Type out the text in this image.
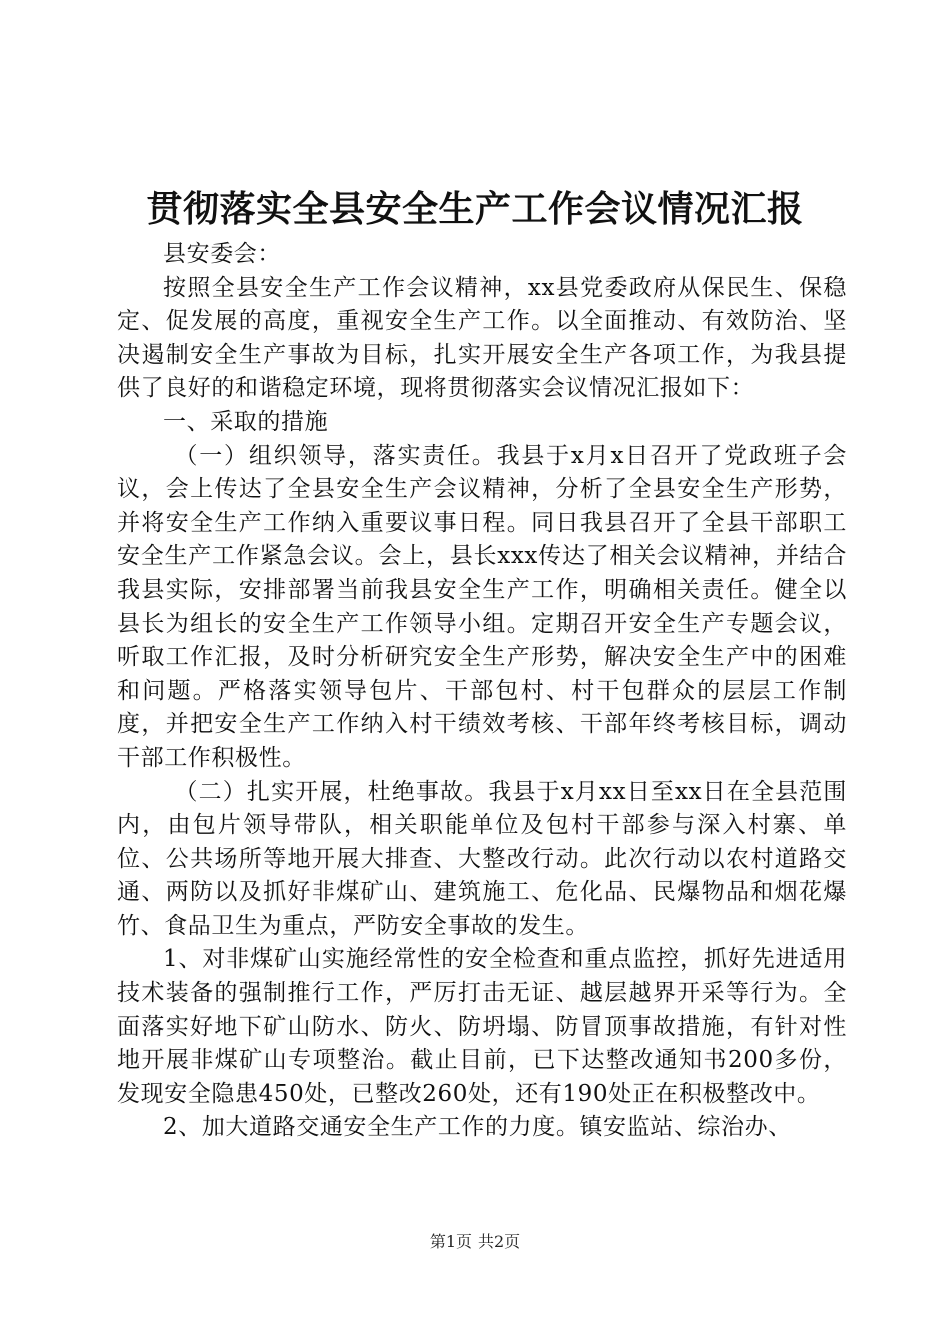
贯彻落实全县安全生产工作会议情况汇报

县安委会：

按照全县安全生产工作会议精神，xx县党委政府从保民生、保稳定、促发展的高度，重视安全生产工作。以全面推动、有效防治、坚决遏制安全生产事故为目标，扎实开展安全生产各项工作，为我县提供了良好的和谐稳定环境，现将贯彻落实会议情况汇报如下：

一、采取的措施

（一）组织领导，落实责任。我县于x月x日召开了党政班子会议，会上传达了全县安全生产会议精神，分析了全县安全生产形势，并将安全生产工作纳入重要议事日程。同日我县召开了全县干部职工安全生产工作紧急会议。会上，县长xxx传达了相关会议精神，并结合我县实际，安排部署当前我县安全生产工作，明确相关责任。健全以县长为组长的安全生产工作领导小组。定期召开安全生产专题会议，听取工作汇报，及时分析研究安全生产形势，解决安全生产中的困难和问题。严格落实领导包片、干部包村、村干包群众的层层工作制度，并把安全生产工作纳入村干绩效考核、干部年终考核目标，调动干部工作积极性。

（二）扎实开展，杜绝事故。我县于x月xx日至xx日在全县范围内，由包片领导带队，相关职能单位及包村干部参与深入村寨、单位、公共场所等地开展大排查、大整改行动。此次行动以农村道路交通、两防以及抓好非煤矿山、建筑施工、危化品、民爆物品和烟花爆竹、食品卫生为重点，严防安全事故的发生。

1、对非煤矿山实施经常性的安全检查和重点监控，抓好先进适用技术装备的强制推行工作，严厉打击无证、越层越界开采等行为。全面落实好地下矿山防水、防火、防坍塌、防冒顶事故措施，有针对性地开展非煤矿山专项整治。截止目前，已下达整改通知书200多份，发现安全隐患450处，已整改260处，还有190处正在积极整改中。

2、加大道路交通安全生产工作的力度。镇安监站、综治办、

第1页 共2页
